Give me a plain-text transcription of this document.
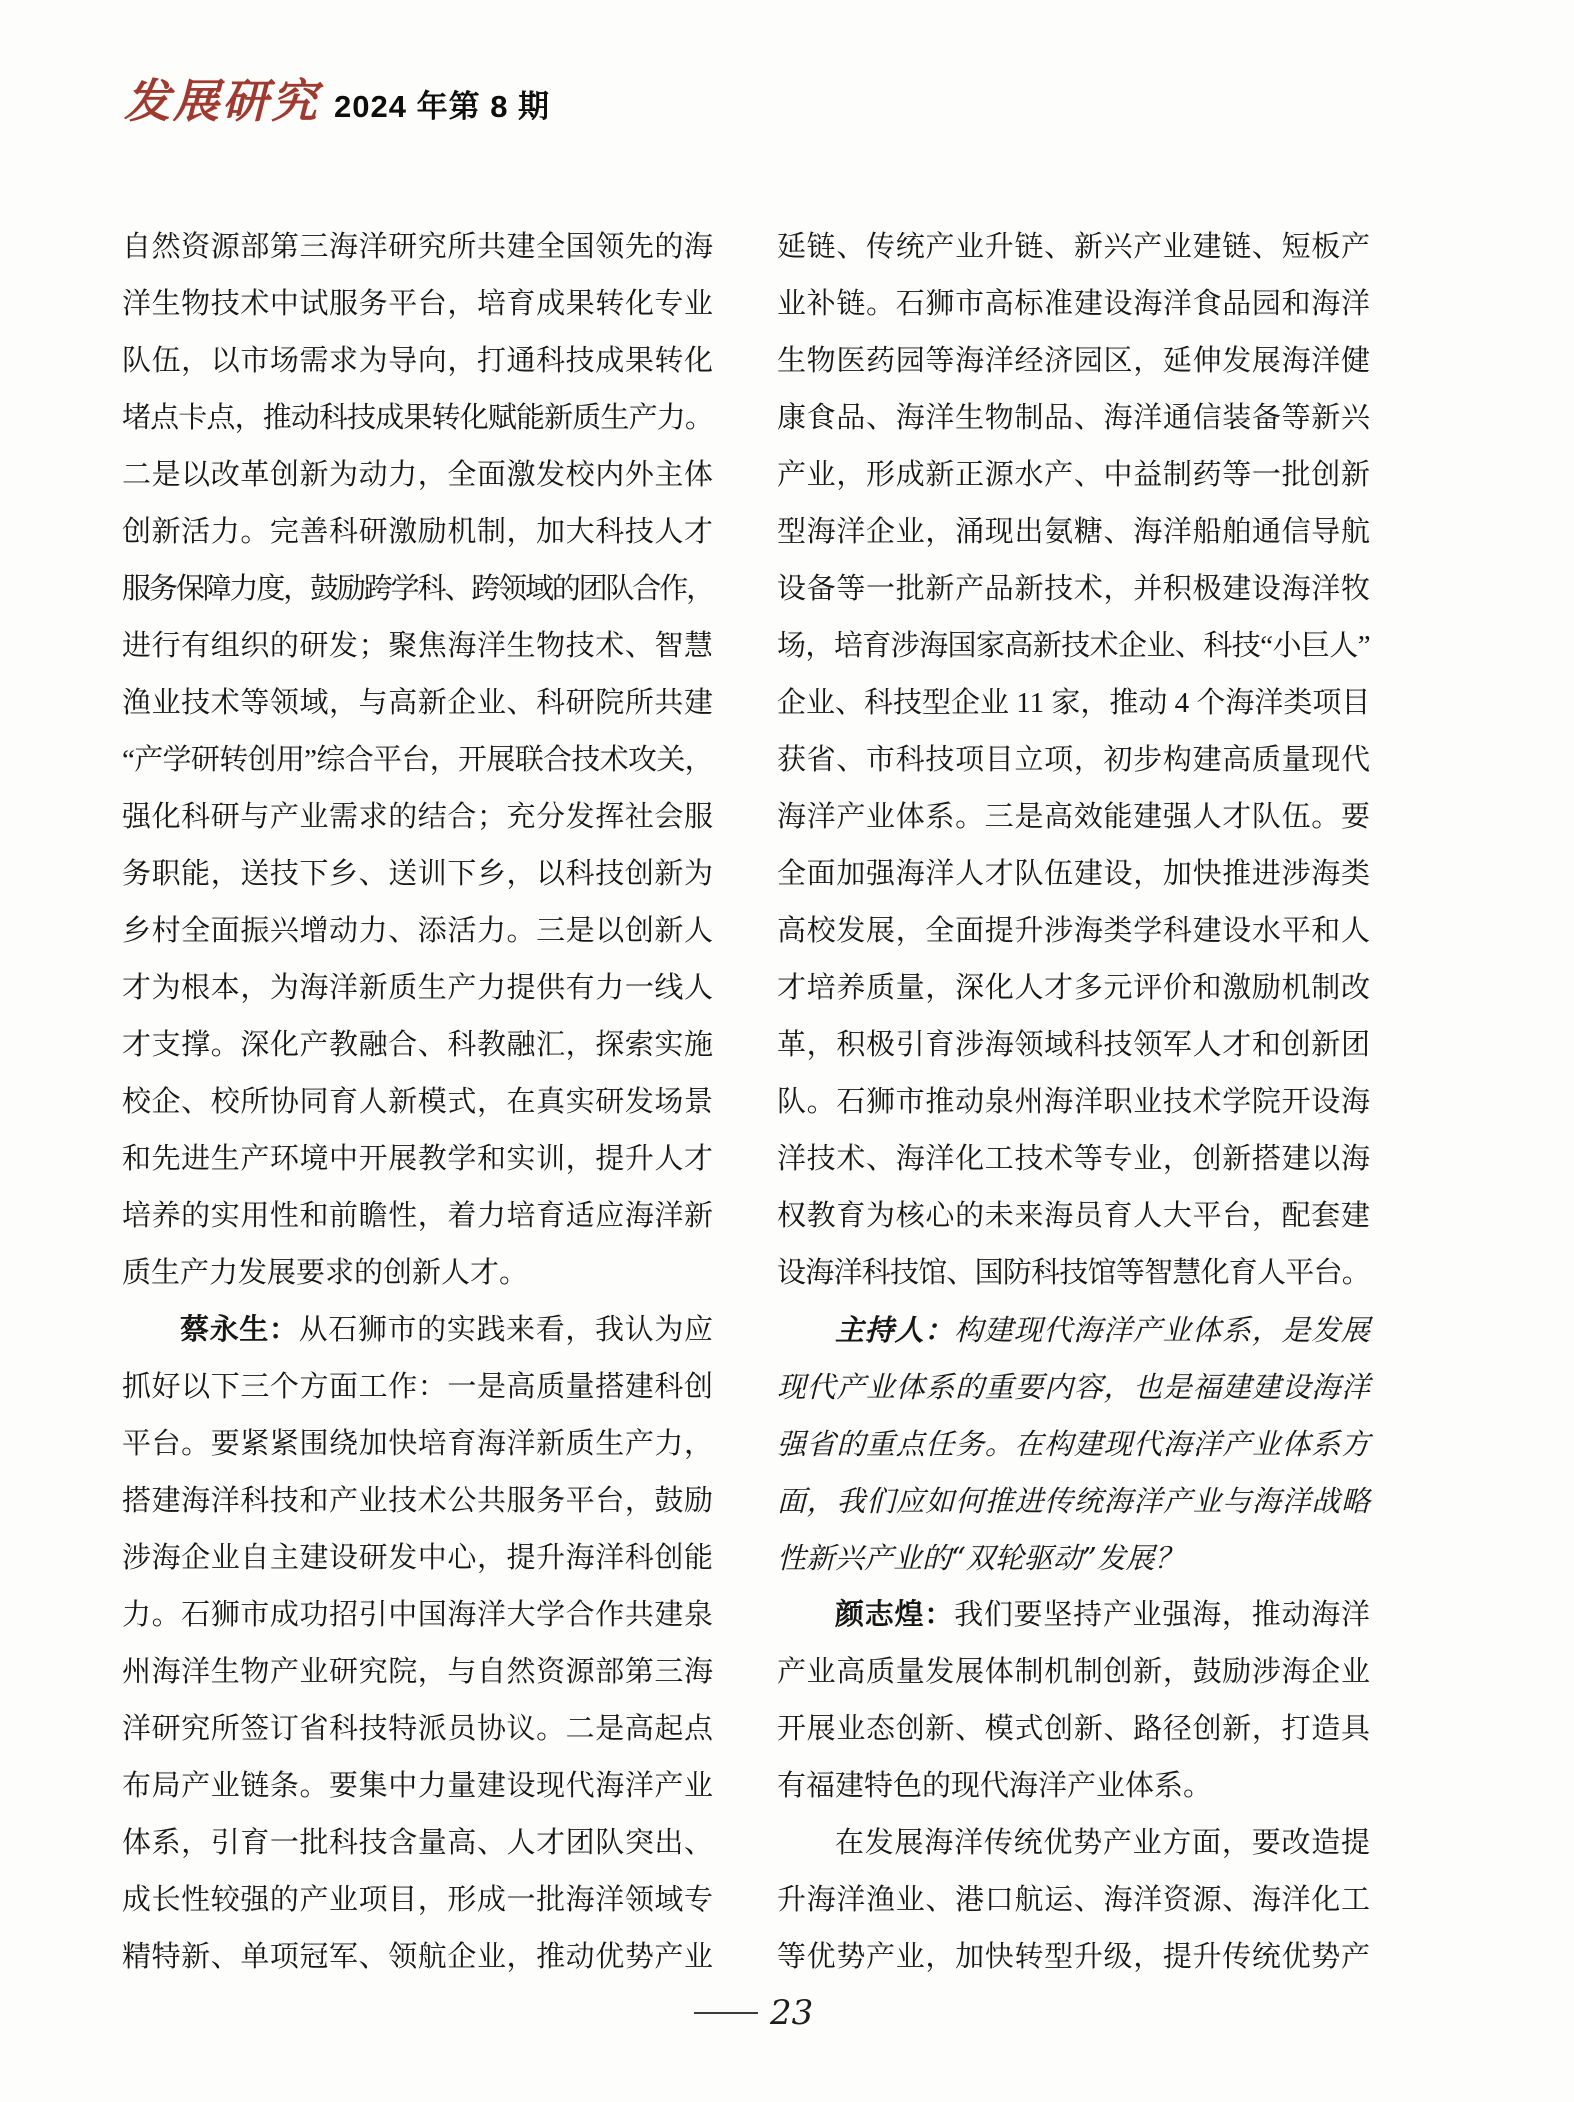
发展研究 2024 年第 8 期
自然资源部第三海洋研究所共建全国领先的海
洋生物技术中试服务平台，培育成果转化专业
队伍，以市场需求为导向，打通科技成果转化
堵点卡点，推动科技成果转化赋能新质生产力。
二是以改革创新为动力，全面激发校内外主体
创新活力。完善科研激励机制，加大科技人才
服务保障力度，鼓励跨学科、跨领域的团队合作，
进行有组织的研发；聚焦海洋生物技术、智慧
渔业技术等领域，与高新企业、科研院所共建
“产学研转创用”综合平台，开展联合技术攻关，
强化科研与产业需求的结合；充分发挥社会服
务职能，送技下乡、送训下乡，以科技创新为
乡村全面振兴增动力、添活力。三是以创新人
才为根本，为海洋新质生产力提供有力一线人
才支撑。深化产教融合、科教融汇，探索实施
校企、校所协同育人新模式，在真实研发场景
和先进生产环境中开展教学和实训，提升人才
培养的实用性和前瞻性，着力培育适应海洋新
质生产力发展要求的创新人才。
蔡永生：从石狮市的实践来看，我认为应
抓好以下三个方面工作：一是高质量搭建科创
平台。要紧紧围绕加快培育海洋新质生产力，
搭建海洋科技和产业技术公共服务平台，鼓励
涉海企业自主建设研发中心，提升海洋科创能
力。石狮市成功招引中国海洋大学合作共建泉
州海洋生物产业研究院，与自然资源部第三海
洋研究所签订省科技特派员协议。二是高起点
布局产业链条。要集中力量建设现代海洋产业
体系，引育一批科技含量高、人才团队突出、
成长性较强的产业项目，形成一批海洋领域专
精特新、单项冠军、领航企业，推动优势产业
延链、传统产业升链、新兴产业建链、短板产
业补链。石狮市高标准建设海洋食品园和海洋
生物医药园等海洋经济园区，延伸发展海洋健
康食品、海洋生物制品、海洋通信装备等新兴
产业，形成新正源水产、中益制药等一批创新
型海洋企业，涌现出氨糖、海洋船舶通信导航
设备等一批新产品新技术，并积极建设海洋牧
场，培育涉海国家高新技术企业、科技“小巨人”
企业、科技型企业 11 家，推动 4 个海洋类项目
获省、市科技项目立项，初步构建高质量现代
海洋产业体系。三是高效能建强人才队伍。要
全面加强海洋人才队伍建设，加快推进涉海类
高校发展，全面提升涉海类学科建设水平和人
才培养质量，深化人才多元评价和激励机制改
革，积极引育涉海领域科技领军人才和创新团
队。石狮市推动泉州海洋职业技术学院开设海
洋技术、海洋化工技术等专业，创新搭建以海
权教育为核心的未来海员育人大平台，配套建
设海洋科技馆、国防科技馆等智慧化育人平台。
主持人：构建现代海洋产业体系，是发展
现代产业体系的重要内容，也是福建建设海洋
强省的重点任务。在构建现代海洋产业体系方
面，我们应如何推进传统海洋产业与海洋战略
性新兴产业的“双轮驱动”发展？
颜志煌：我们要坚持产业强海，推动海洋
产业高质量发展体制机制创新，鼓励涉海企业
开展业态创新、模式创新、路径创新，打造具
有福建特色的现代海洋产业体系。
在发展海洋传统优势产业方面，要改造提
升海洋渔业、港口航运、海洋资源、海洋化工
等优势产业，加快转型升级，提升传统优势产
23
